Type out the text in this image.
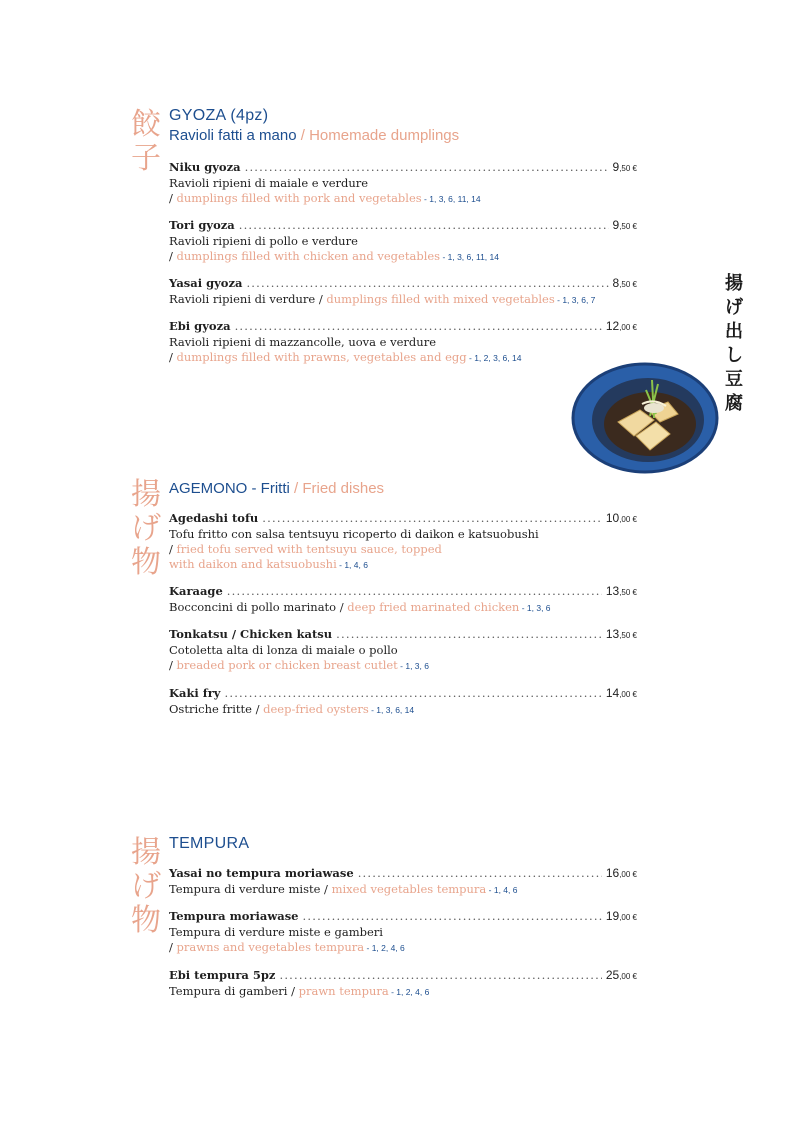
餃
子
GYOZA (4pz)
Ravioli fatti a mano / Homemade dumplings
Niku gyoza .....	9,50 €
Ravioli ripieni di maiale e verdure
/ dumplings filled with pork and vegetables - 1, 3, 6, 11, 14
Tori gyoza .....	9,50 €
Ravioli ripieni di pollo e verdure
/ dumplings filled with chicken and vegetables - 1, 3, 6, 11, 14
Yasai gyoza .....	8,50 €
Ravioli ripieni di verdure / dumplings filled with mixed vegetables - 1, 3, 6, 7
Ebi gyoza .....	12,00 €
Ravioli ripieni di mazzancolle, uova e verdure
/ dumplings filled with prawns, vegetables and egg - 1, 2, 3, 6, 14
揚
げ
出
し
豆
腐
揚
げ
物
AGEMONO - Fritti / Fried dishes
Agedashi tofu .....	10,00 €
Tofu fritto con salsa tentsuyu ricoperto di daikon e katsuobushi
/ fried tofu served with tentsuyu sauce, topped
with daikon and katsuobushi - 1, 4, 6
Karaage .....	13,50 €
Bocconcini di pollo marinato / deep fried marinated chicken - 1, 3, 6
Tonkatsu / Chicken katsu .....	13,50 €
Cotoletta alta di lonza di maiale o pollo
/ breaded pork or chicken breast cutlet - 1, 3, 6
Kaki fry .....	14,00 €
Ostriche fritte / deep-fried oysters - 1, 3, 6, 14
揚
げ
物
TEMPURA
Yasai no tempura moriawase .....	16,00 €
Tempura di verdure miste / mixed vegetables tempura - 1, 4, 6
Tempura moriawase .....	19,00 €
Tempura di verdure miste e gamberi
/ prawns and vegetables tempura - 1, 2, 4, 6
Ebi tempura 5pz .....	25,00 €
Tempura di gamberi / prawn tempura - 1, 2, 4, 6
